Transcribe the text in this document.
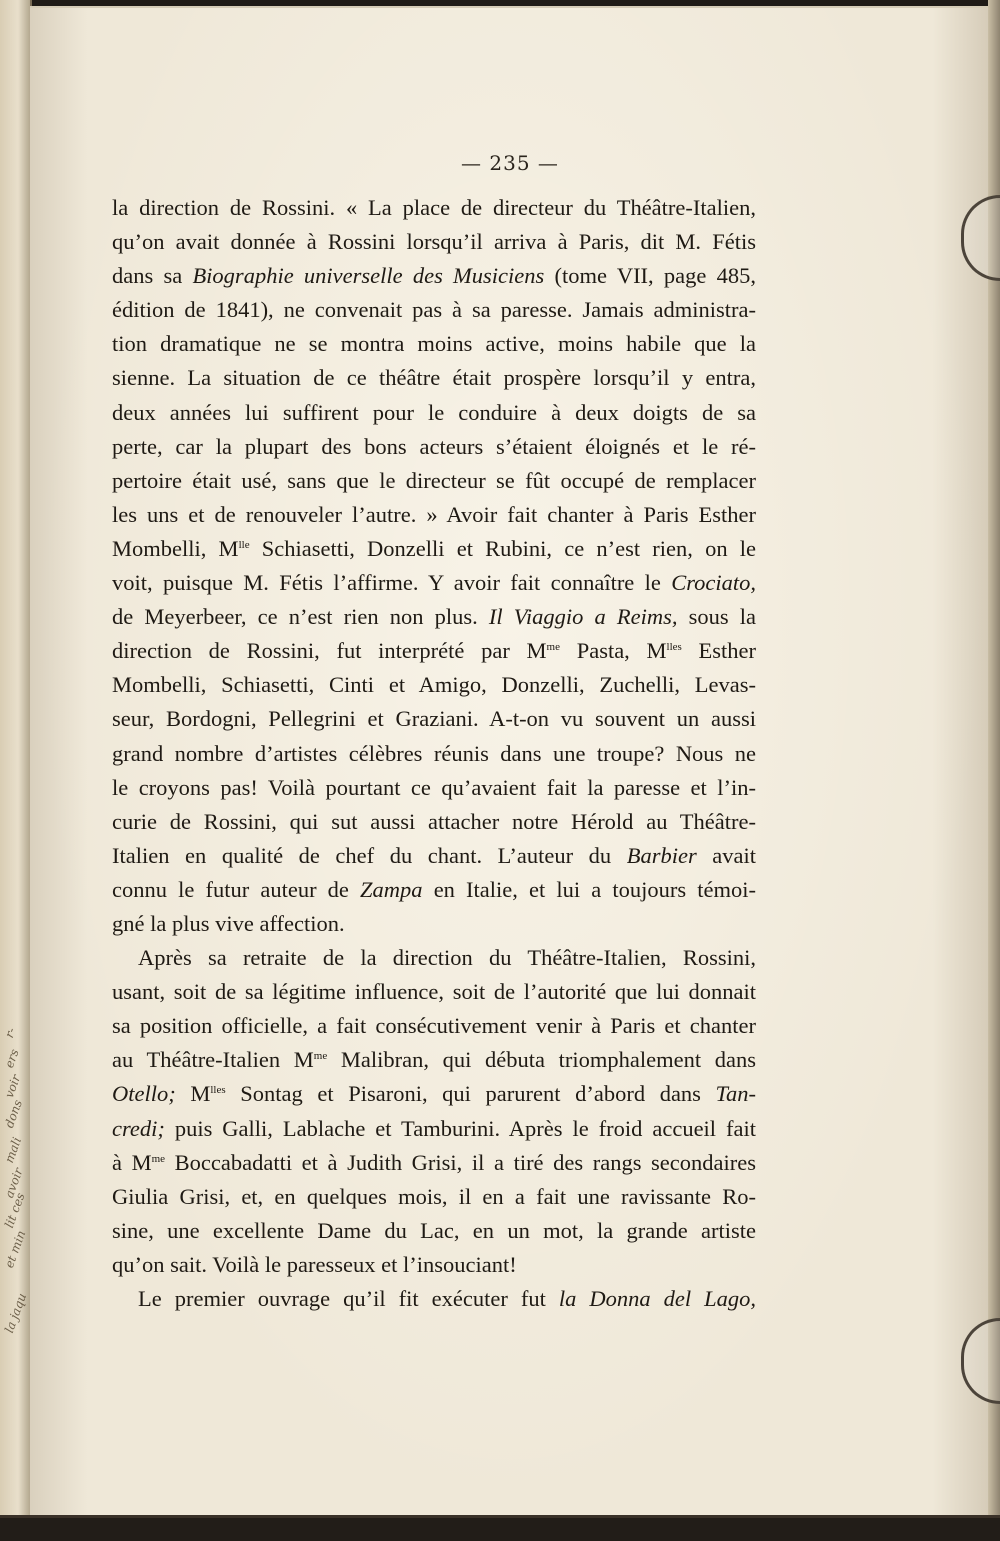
r-
ers
voir
dons
mali
avoir
lit ces
et min
la jaqu
— 235 —
la direction de Rossini. « La place de directeur du Théâtre-Italien,
qu’on avait donnée à Rossini lorsqu’il arriva à Paris, dit M. Fétis
dans sa Biographie universelle des Musiciens (tome VII, page 485,
édition de 1841), ne convenait pas à sa paresse. Jamais administra-
tion dramatique ne se montra moins active, moins habile que la
sienne. La situation de ce théâtre était prospère lorsqu’il y entra,
deux années lui suffirent pour le conduire à deux doigts de sa
perte, car la plupart des bons acteurs s’étaient éloignés et le ré-
pertoire était usé, sans que le directeur se fût occupé de remplacer
les uns et de renouveler l’autre. » Avoir fait chanter à Paris Esther
Mombelli, $M^{lle}$ Schiasetti, Donzelli et Rubini, ce n’est rien, on le
voit, puisque M. Fétis l’affirme. Y avoir fait connaître le Crociato,
de Meyerbeer, ce n’est rien non plus. Il Viaggio a Reims, sous la
direction de Rossini, fut interprété par $M^{me}$ Pasta, $M^{lles}$ Esther
Mombelli, Schiasetti, Cinti et Amigo, Donzelli, Zuchelli, Levas-
seur, Bordogni, Pellegrini et Graziani. A-t-on vu souvent un aussi
grand nombre d’artistes célèbres réunis dans une troupe? Nous ne
le croyons pas! Voilà pourtant ce qu’avaient fait la paresse et l’in-
curie de Rossini, qui sut aussi attacher notre Hérold au Théâtre-
Italien en qualité de chef du chant. L’auteur du Barbier avait
connu le futur auteur de Zampa en Italie, et lui a toujours témoi-
gné la plus vive affection.
Après sa retraite de la direction du Théâtre-Italien, Rossini,
usant, soit de sa légitime influence, soit de l’autorité que lui donnait
sa position officielle, a fait consécutivement venir à Paris et chanter
au Théâtre-Italien $M^{me}$ Malibran, qui débuta triomphalement dans
Otello; $M^{lles}$ Sontag et Pisaroni, qui parurent d’abord dans Tan-
credi; puis Galli, Lablache et Tamburini. Après le froid accueil fait
à $M^{me}$ Boccabadatti et à Judith Grisi, il a tiré des rangs secondaires
Giulia Grisi, et, en quelques mois, il en a fait une ravissante Ro-
sine, une excellente Dame du Lac, en un mot, la grande artiste
qu’on sait. Voilà le paresseux et l’insouciant!
Le premier ouvrage qu’il fit exécuter fut la Donna del Lago,
